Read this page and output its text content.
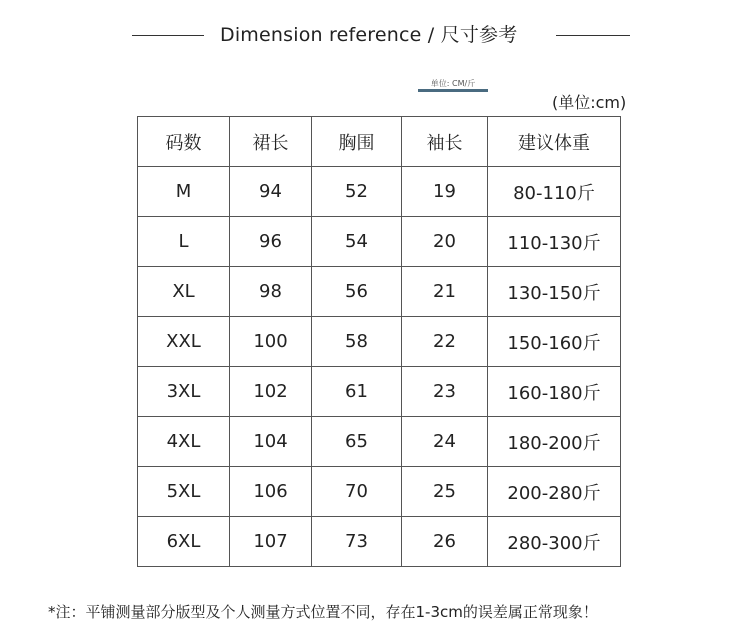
Dimension reference / 尺寸参考
单位: CM/斤
(单位:cm)
码数	裙长	胸围	袖长	建议体重
M	94	52	19	80-110斤
L	96	54	20	110-130斤
XL	98	56	21	130-150斤
XXL	100	58	22	150-160斤
3XL	102	61	23	160-180斤
4XL	104	65	24	180-200斤
5XL	106	70	25	200-280斤
6XL	107	73	26	280-300斤
*注：平铺测量部分版型及个人测量方式位置不同，存在1-3cm的误差属正常现象！
